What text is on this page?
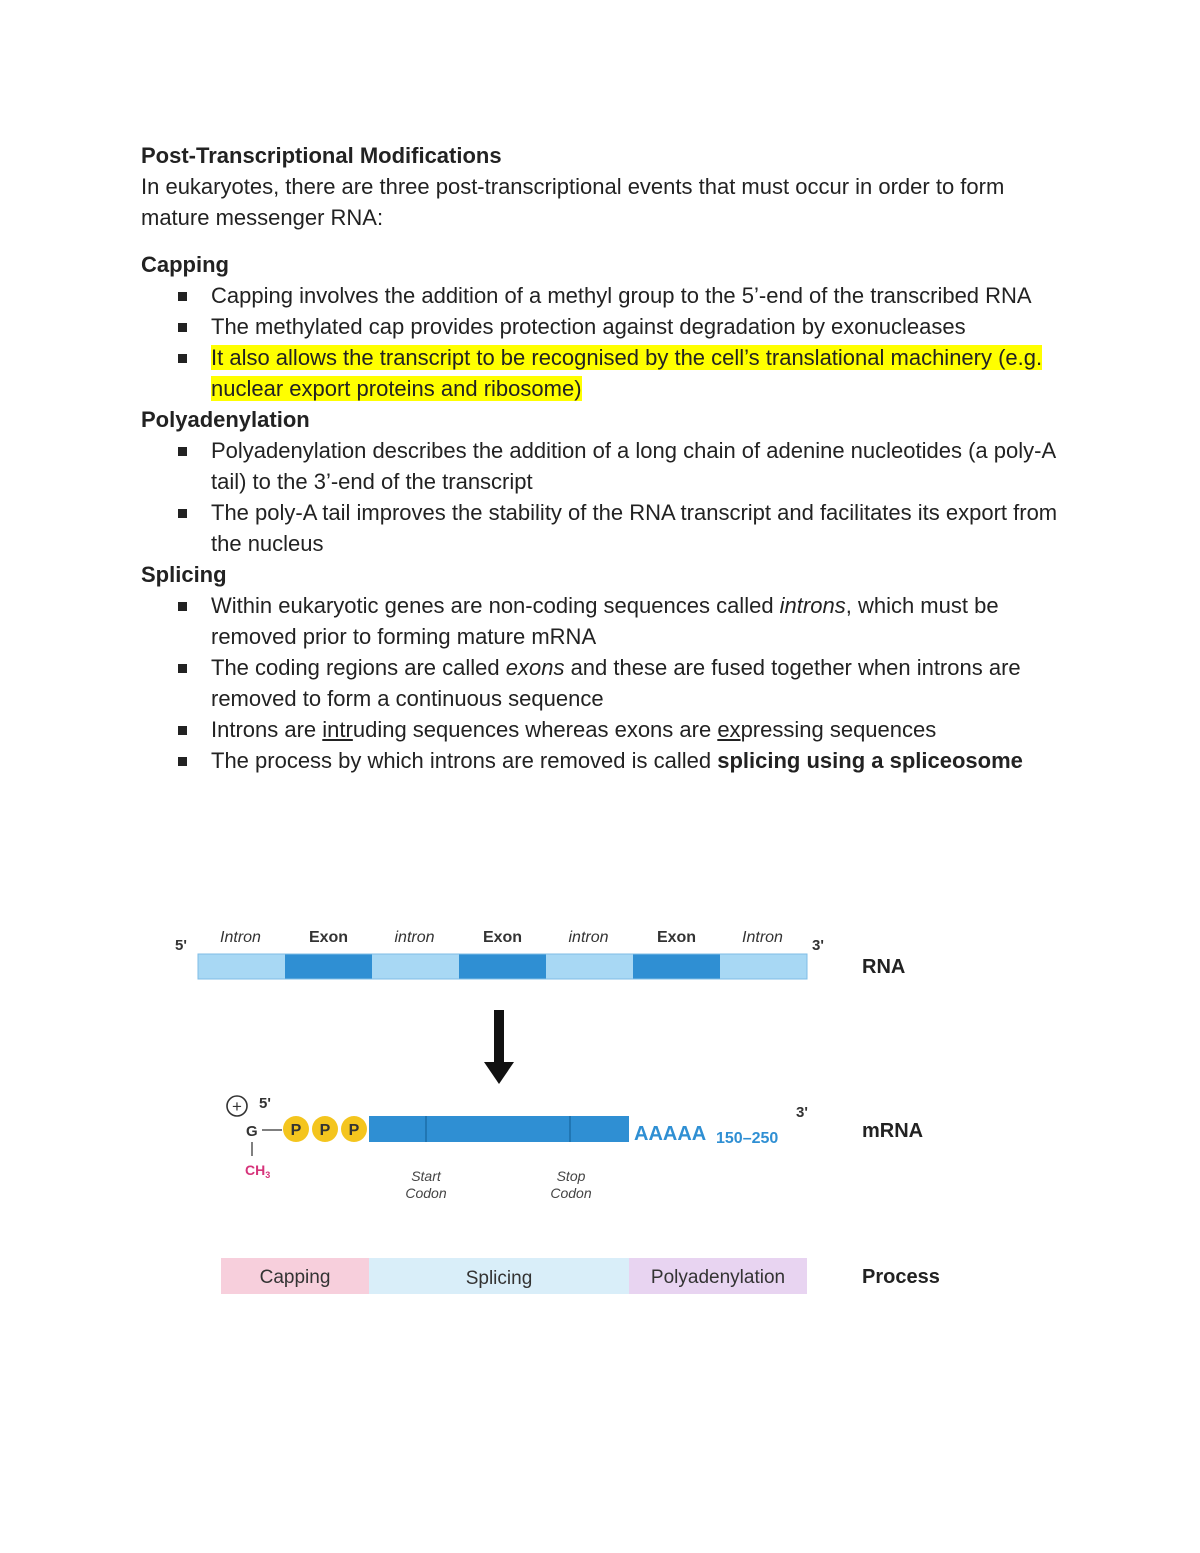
Post-Transcriptional Modifications

In eukaryotes, there are three post-transcriptional events that must occur in order to form mature messenger RNA:

Capping

Capping involves the addition of a methyl group to the 5’-end of the transcribed RNA
The methylated cap provides protection against degradation by exonucleases
It also allows the transcript to be recognised by the cell’s translational machinery (e.g. nuclear export proteins and ribosome)

Polyadenylation

Polyadenylation describes the addition of a long chain of adenine nucleotides (a poly-A tail) to the 3’-end of the transcript
The poly-A tail improves the stability of the RNA transcript and facilitates its export from the nucleus

Splicing

Within eukaryotic genes are non-coding sequences called introns, which must be removed prior to forming mature mRNA
The coding regions are called exons and these are fused together when introns are removed to form a continuous sequence
Introns are intruding sequences whereas exons are expressing sequences
The process by which introns are removed is called splicing using a spliceosome
5'	3'
Intron	Exon	intron	Exon	intron	Exon	Intron
RNA
+ 5'
3'
G
$CH_3$
P P P	AAAAA 150–250	mRNA
Start
Codon
Stop
Codon
Capping	Splicing	Polyadenylation	Process
